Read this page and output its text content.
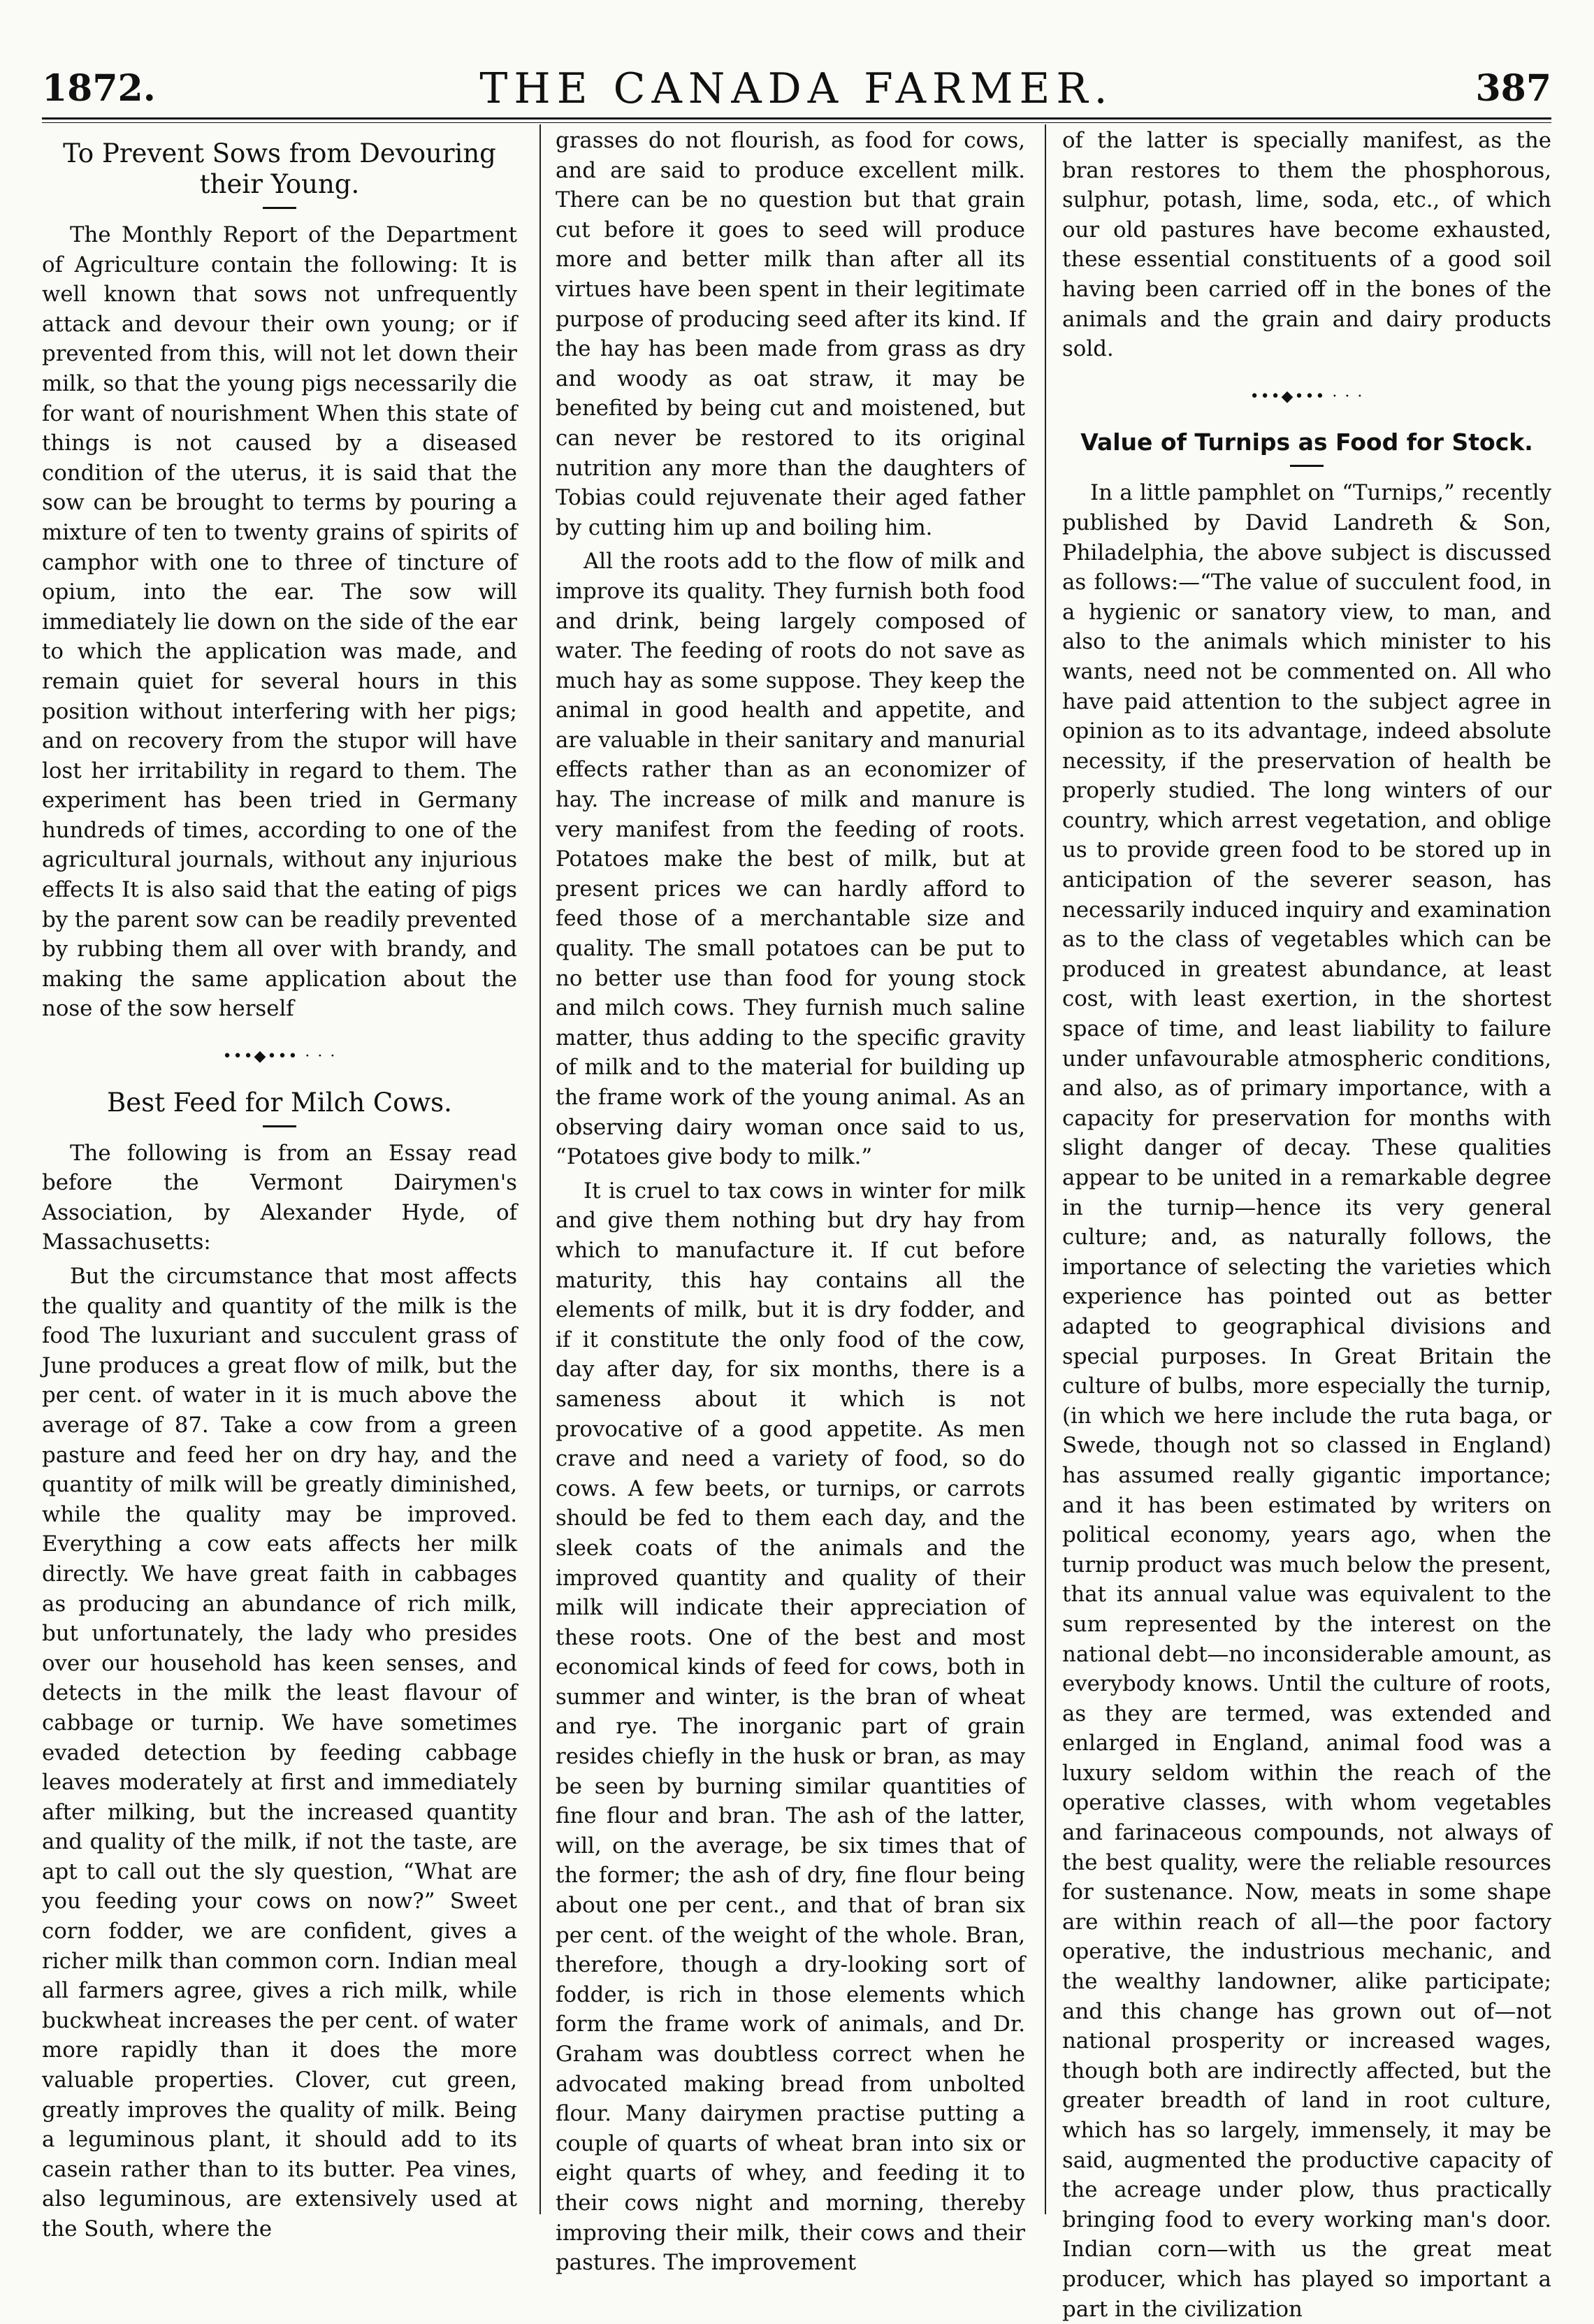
1872.	THE CANADA FARMER.	387
To Prevent Sows from Devouring their Young.

The Monthly Report of the Department of Agriculture contain the following: It is well known that sows not unfrequently attack and devour their own young; or if prevented from this, will not let down their milk, so that the young pigs necessarily die for want of nourishment When this state of things is not caused by a diseased condition of the uterus, it is said that the sow can be brought to terms by pouring a mixture of ten to twenty grains of spirits of camphor with one to three of tincture of opium, into the ear. The sow will immediately lie down on the side of the ear to which the application was made, and remain quiet for several hours in this position without interfering with her pigs; and on recovery from the stupor will have lost her irritability in regard to them. The experiment has been tried in Germany hundreds of times, according to one of the agricultural journals, without any injurious effects It is also said that the eating of pigs by the parent sow can be readily prevented by rubbing them all over with brandy, and making the same application about the nose of the sow herself

•••◆••• · · ·
Best Feed for Milch Cows.

The following is from an Essay read before the Vermont Dairymen's Association, by Alexander Hyde, of Massachusetts:

But the circumstance that most affects the quality and quantity of the milk is the food The luxuriant and succulent grass of June produces a great flow of milk, but the per cent. of water in it is much above the average of 87. Take a cow from a green pasture and feed her on dry hay, and the quantity of milk will be greatly diminished, while the quality may be improved. Everything a cow eats affects her milk directly. We have great faith in cabbages as producing an abundance of rich milk, but unfortunately, the lady who presides over our household has keen senses, and detects in the milk the least flavour of cabbage or turnip. We have sometimes evaded detection by feeding cabbage leaves moderately at first and immediately after milking, but the increased quantity and quality of the milk, if not the taste, are apt to call out the sly question, “What are you feeding your cows on now?” Sweet corn fodder, we are confident, gives a richer milk than common corn. Indian meal all farmers agree, gives a rich milk, while buckwheat increases the per cent. of water more rapidly than it does the more valuable properties. Clover, cut green, greatly improves the quality of milk. Being a leguminous plant, it should add to its casein rather than to its butter. Pea vines, also leguminous, are extensively used at the South, where the

grasses do not flourish, as food for cows, and are said to produce excellent milk. There can be no question but that grain cut before it goes to seed will produce more and better milk than after all its virtues have been spent in their legitimate purpose of producing seed after its kind. If the hay has been made from grass as dry and woody as oat straw, it may be benefited by being cut and moistened, but can never be restored to its original nutrition any more than the daughters of Tobias could rejuvenate their aged father by cutting him up and boiling him.

All the roots add to the flow of milk and improve its quality. They furnish both food and drink, being largely composed of water. The feeding of roots do not save as much hay as some suppose. They keep the animal in good health and appetite, and are valuable in their sanitary and manurial effects rather than as an economizer of hay. The increase of milk and manure is very manifest from the feeding of roots. Potatoes make the best of milk, but at present prices we can hardly afford to feed those of a merchantable size and quality. The small potatoes can be put to no better use than food for young stock and milch cows. They furnish much saline matter, thus adding to the specific gravity of milk and to the material for building up the frame work of the young animal. As an observing dairy woman once said to us, “Potatoes give body to milk.”

It is cruel to tax cows in winter for milk and give them nothing but dry hay from which to manufacture it. If cut before maturity, this hay contains all the elements of milk, but it is dry fodder, and if it constitute the only food of the cow, day after day, for six months, there is a sameness about it which is not provocative of a good appetite. As men crave and need a variety of food, so do cows. A few beets, or turnips, or carrots should be fed to them each day, and the sleek coats of the animals and the improved quantity and quality of their milk will indicate their appreciation of these roots. One of the best and most economical kinds of feed for cows, both in summer and winter, is the bran of wheat and rye. The inorganic part of grain resides chiefly in the husk or bran, as may be seen by burning similar quantities of fine flour and bran. The ash of the latter, will, on the average, be six times that of the former; the ash of dry, fine flour being about one per cent., and that of bran six per cent. of the weight of the whole. Bran, therefore, though a dry-looking sort of fodder, is rich in those elements which form the frame work of animals, and Dr. Graham was doubtless correct when he advocated making bread from unbolted flour. Many dairymen practise putting a couple of quarts of wheat bran into six or eight quarts of whey, and feeding it to their cows night and morning, thereby improving their milk, their cows and their pastures. The improvement

of the latter is specially manifest, as the bran restores to them the phosphorous, sulphur, potash, lime, soda, etc., of which our old pastures have become exhausted, these essential constituents of a good soil having been carried off in the bones of the animals and the grain and dairy products sold.

•••◆••• · · ·
Value of Turnips as Food for Stock.

In a little pamphlet on “Turnips,” recently published by David Landreth & Son, Philadelphia, the above subject is discussed as follows:—“The value of succulent food, in a hygienic or sanatory view, to man, and also to the animals which minister to his wants, need not be commented on. All who have paid attention to the subject agree in opinion as to its advantage, indeed absolute necessity, if the preservation of health be properly studied. The long winters of our country, which arrest vegetation, and oblige us to provide green food to be stored up in anticipation of the severer season, has necessarily induced inquiry and examination as to the class of vegetables which can be produced in greatest abundance, at least cost, with least exertion, in the shortest space of time, and least liability to failure under unfavourable atmospheric conditions, and also, as of primary importance, with a capacity for preservation for months with slight danger of decay. These qualities appear to be united in a remarkable degree in the turnip—hence its very general culture; and, as naturally follows, the importance of selecting the varieties which experience has pointed out as better adapted to geographical divisions and special purposes. In Great Britain the culture of bulbs, more especially the turnip, (in which we here include the ruta baga, or Swede, though not so classed in England) has assumed really gigantic importance; and it has been estimated by writers on political economy, years ago, when the turnip product was much below the present, that its annual value was equivalent to the sum represented by the interest on the national debt—no inconsiderable amount, as everybody knows. Until the culture of roots, as they are termed, was extended and enlarged in England, animal food was a luxury seldom within the reach of the operative classes, with whom vegetables and farinaceous compounds, not always of the best quality, were the reliable resources for sustenance. Now, meats in some shape are within reach of all—the poor factory operative, the industrious mechanic, and the wealthy landowner, alike participate; and this change has grown out of—not national prosperity or increased wages, though both are indirectly affected, but the greater breadth of land in root culture, which has so largely, immensely, it may be said, augmented the productive capacity of the acreage under plow, thus practically bringing food to every working man's door. Indian corn—with us the great meat producer, which has played so important a part in the civilization
